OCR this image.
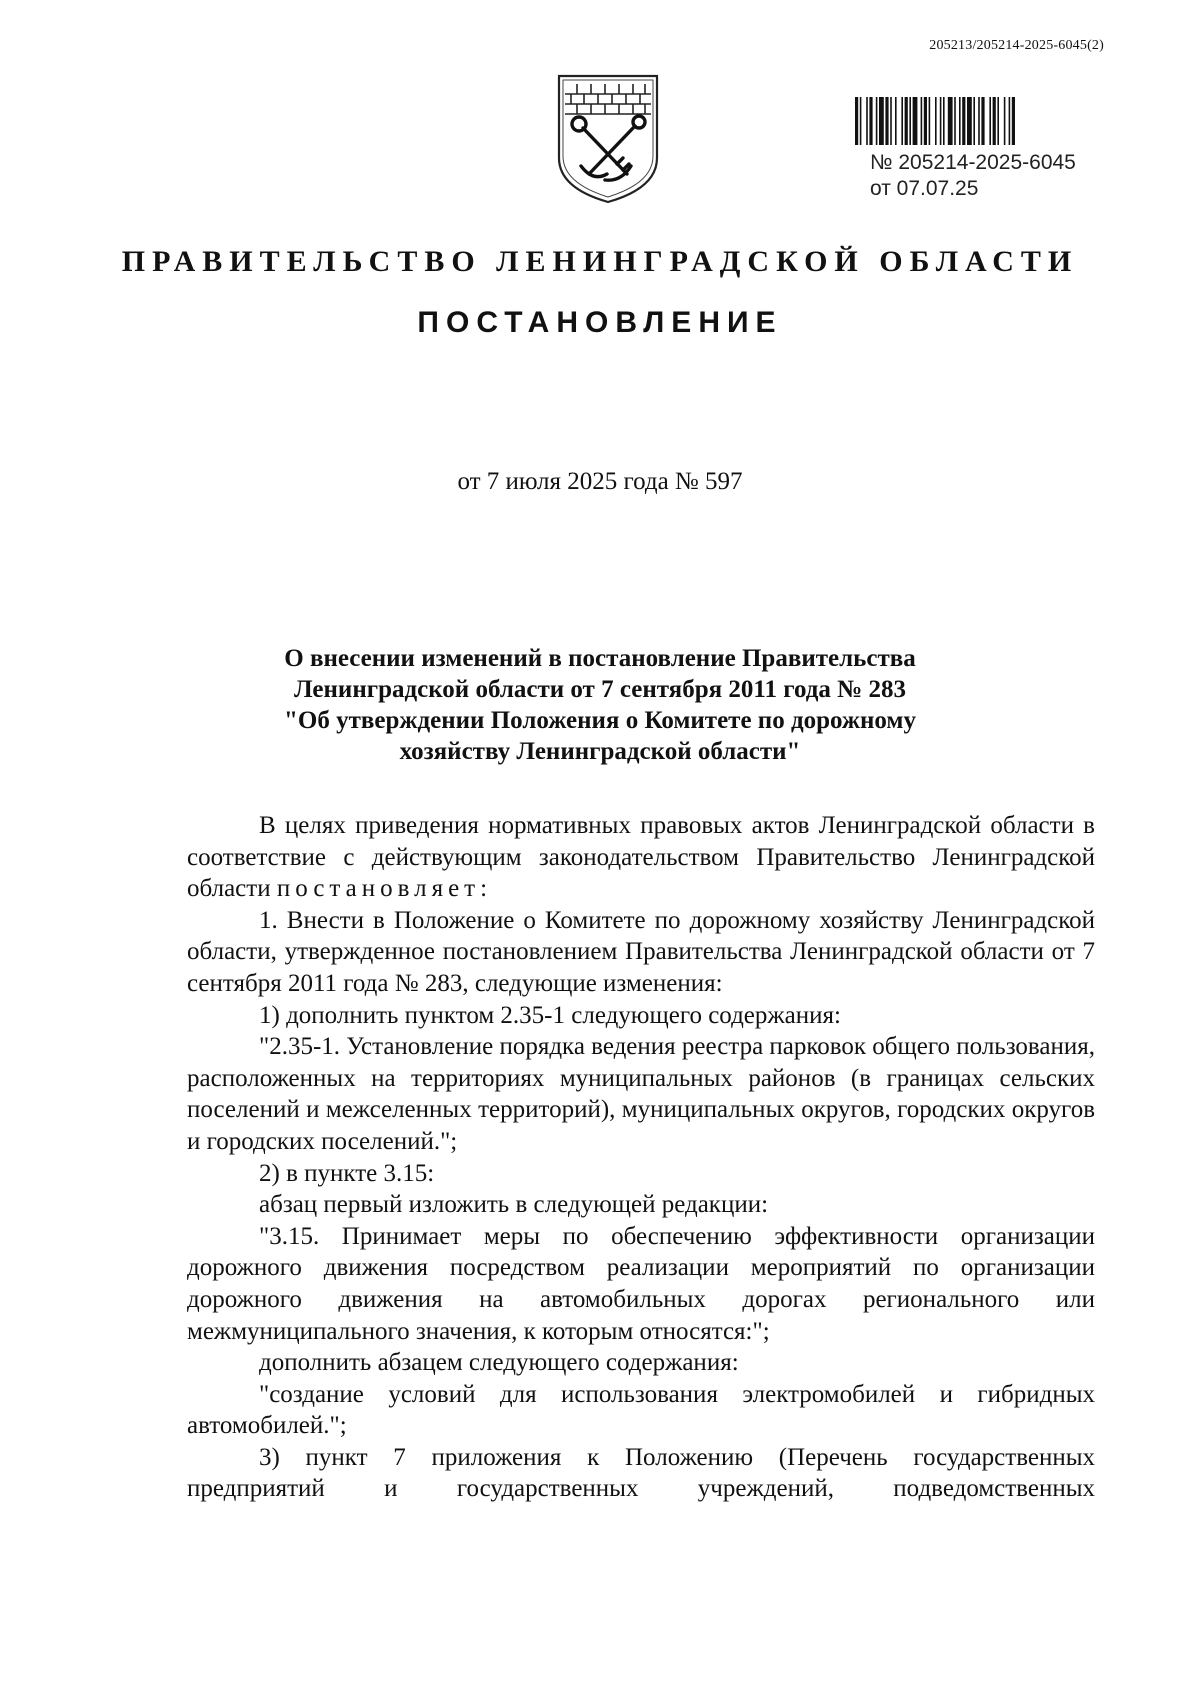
205213/205214-2025-6045(2)
№ 205214-2025-6045
от 07.07.25
ПРАВИТЕЛЬСТВО ЛЕНИНГРАДСКОЙ ОБЛАСТИ
ПОСТАНОВЛЕНИЕ
от 7 июля 2025 года № 597
О внесении изменений в постановление Правительства
Ленинградской области от 7 сентября 2011 года № 283
"Об утверждении Положения о Комитете по дорожному
хозяйству Ленинградской области"
В целях приведения нормативных правовых актов Ленинградской области в соответствие с действующим законодательством Правительство Ленинградской области постановляет:
1. Внести в Положение о Комитете по дорожному хозяйству Ленинградской области, утвержденное постановлением Правительства Ленинградской области от 7 сентября 2011 года № 283, следующие изменения:
1) дополнить пунктом 2.35-1 следующего содержания:
"2.35-1. Установление порядка ведения реестра парковок общего пользования, расположенных на территориях муниципальных районов (в границах сельских поселений и межселенных территорий), муниципальных округов, городских округов и городских поселений.";
2) в пункте 3.15:
абзац первый изложить в следующей редакции:
"3.15. Принимает меры по обеспечению эффективности организации дорожного движения посредством реализации мероприятий по организации дорожного движения на автомобильных дорогах регионального или межмуниципального значения, к которым относятся:";
дополнить абзацем следующего содержания:
"создание условий для использования электромобилей и гибридных автомобилей.";
3) пункт 7 приложения к Положению (Перечень государственных предприятий и государственных учреждений, подведомственных
